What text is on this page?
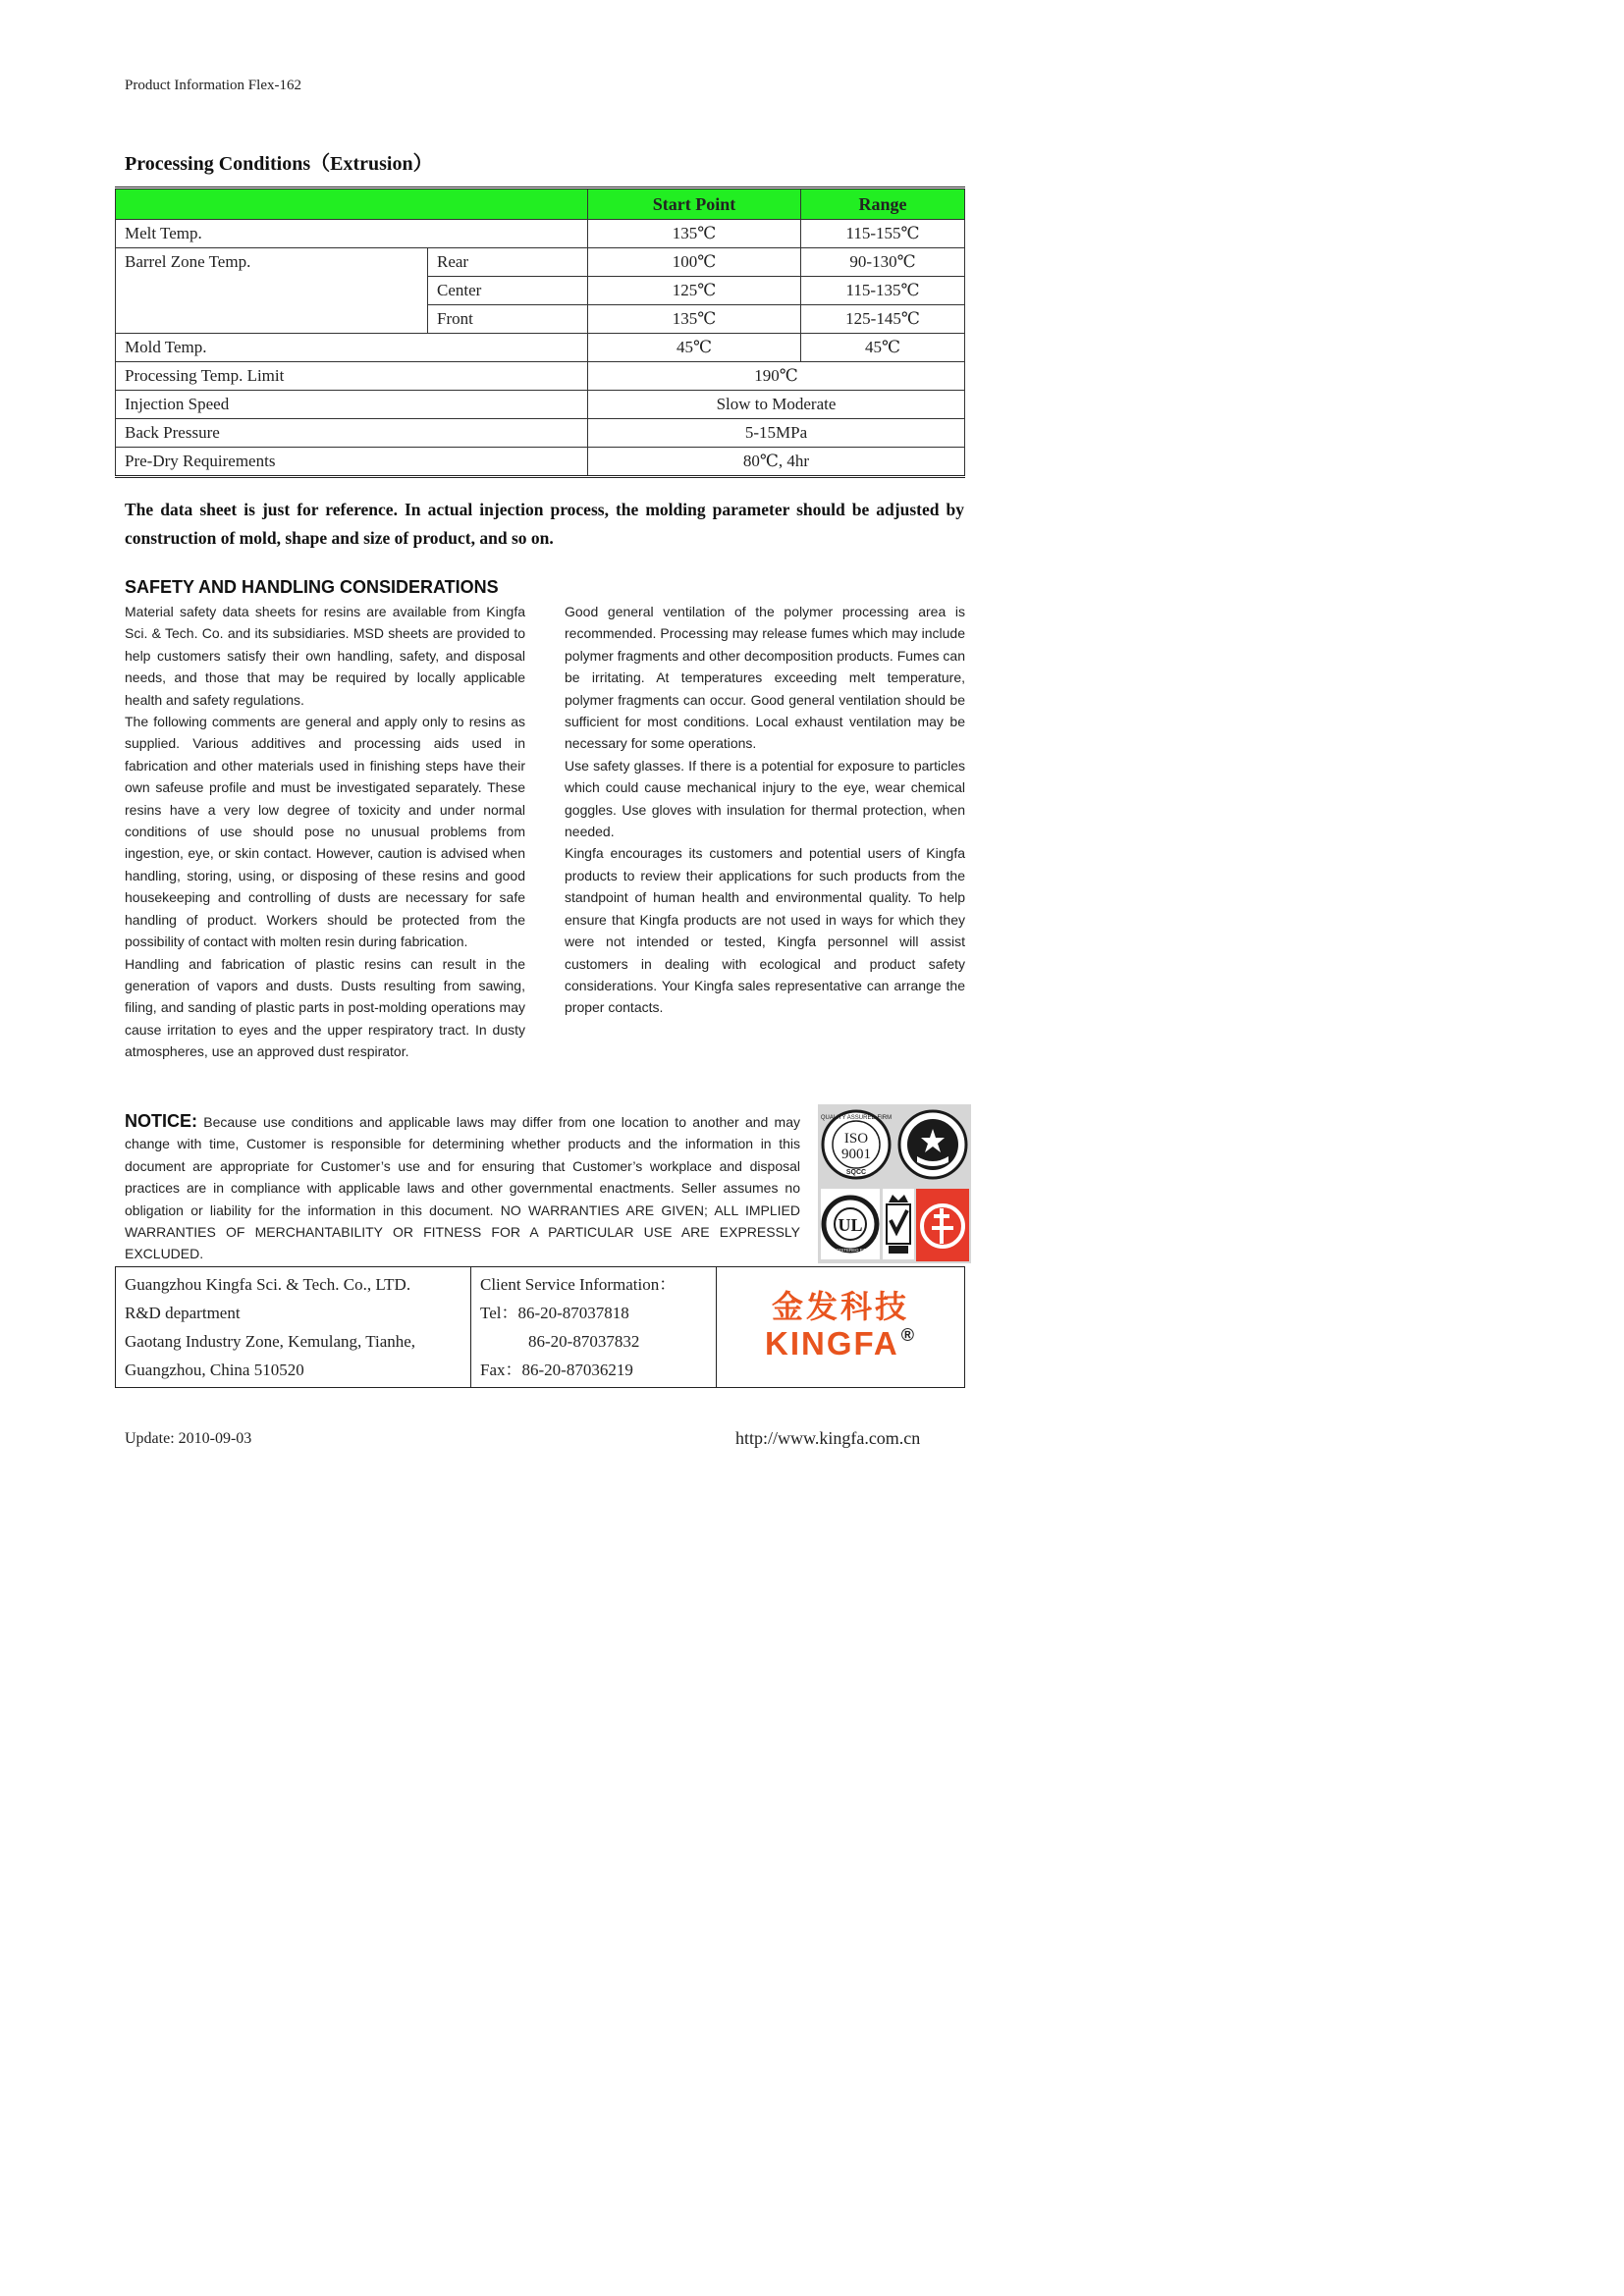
Product Information Flex-162
Processing Conditions（Extrusion）
		Start Point	Range
Melt Temp.		135℃	115-155℃
Barrel Zone Temp.	Rear	100℃	90-130℃
	Center	125℃	115-135℃
	Front	135℃	125-145℃
Mold Temp.		45℃	45℃
Processing Temp. Limit		190℃	
Injection Speed		Slow to Moderate	
Back Pressure		5-15MPa	
Pre-Dry Requirements		80℃, 4hr	
The data sheet is just for reference. In actual injection process, the molding parameter should be adjusted by construction of mold, shape and size of product, and so on.
SAFETY AND HANDLING CONSIDERATIONS

Material safety data sheets for resins are available from Kingfa Sci. & Tech. Co. and its subsidiaries. MSD sheets are provided to help customers satisfy their own handling, safety, and disposal needs, and those that may be required by locally applicable health and safety regulations.

The following comments are general and apply only to resins as supplied. Various additives and processing aids used in fabrication and other materials used in finishing steps have their own safeuse profile and must be investigated separately. These resins have a very low degree of toxicity and under normal conditions of use should pose no unusual problems from ingestion, eye, or skin contact. However, caution is advised when handling, storing, using, or disposing of these resins and good housekeeping and controlling of dusts are necessary for safe handling of product. Workers should be protected from the possibility of contact with molten resin during fabrication.

Handling and fabrication of plastic resins can result in the generation of vapors and dusts. Dusts resulting from sawing, filing, and sanding of plastic parts in post-molding operations may cause irritation to eyes and the upper respiratory tract. In dusty atmospheres, use an approved dust respirator.

Good general ventilation of the polymer processing area is recommended. Processing may release fumes which may include polymer fragments and other decomposition products. Fumes can be irritating. At temperatures exceeding melt temperature, polymer fragments can occur. Good general ventilation should be sufficient for most conditions. Local exhaust ventilation may be necessary for some operations.

Use safety glasses. If there is a potential for exposure to particles which could cause mechanical injury to the eye, wear chemical goggles. Use gloves with insulation for thermal protection, when needed.

Kingfa encourages its customers and potential users of Kingfa products to review their applications for such products from the standpoint of human health and environmental quality. To help ensure that Kingfa products are not used in ways for which they were not intended or tested, Kingfa personnel will assist customers in dealing with ecological and product safety considerations. Your Kingfa sales representative can arrange the proper contacts.

NOTICE: Because use conditions and applicable laws may differ from one location to another and may change with time, Customer is responsible for determining whether products and the information in this document are appropriate for Customer’s use and for ensuring that Customer’s workplace and disposal practices are in compliance with applicable laws and other governmental enactments. Seller assumes no obligation or liability for the information in this document. NO WARRANTIES ARE GIVEN; ALL IMPLIED WARRANTIES OF MERCHANTABILITY OR FITNESS FOR A PARTICULAR USE ARE EXPRESSLY EXCLUDED.
QUALITY ASSURED FIRM
ISO
9001
SQCC
UL
REGISTERED FIRM
Guangzhou Kingfa Sci. & Tech. Co., LTD.
R&D department
Gaotang Industry Zone, Kemulang, Tianhe,
Guangzhou, China 510520

Client Service Information：
Tel：86-20-87037818
86-20-87037832
Fax：86-20-87036219

金发科技
KINGFA ®
Update: 2010-09-03	http://www.kingfa.com.cn
